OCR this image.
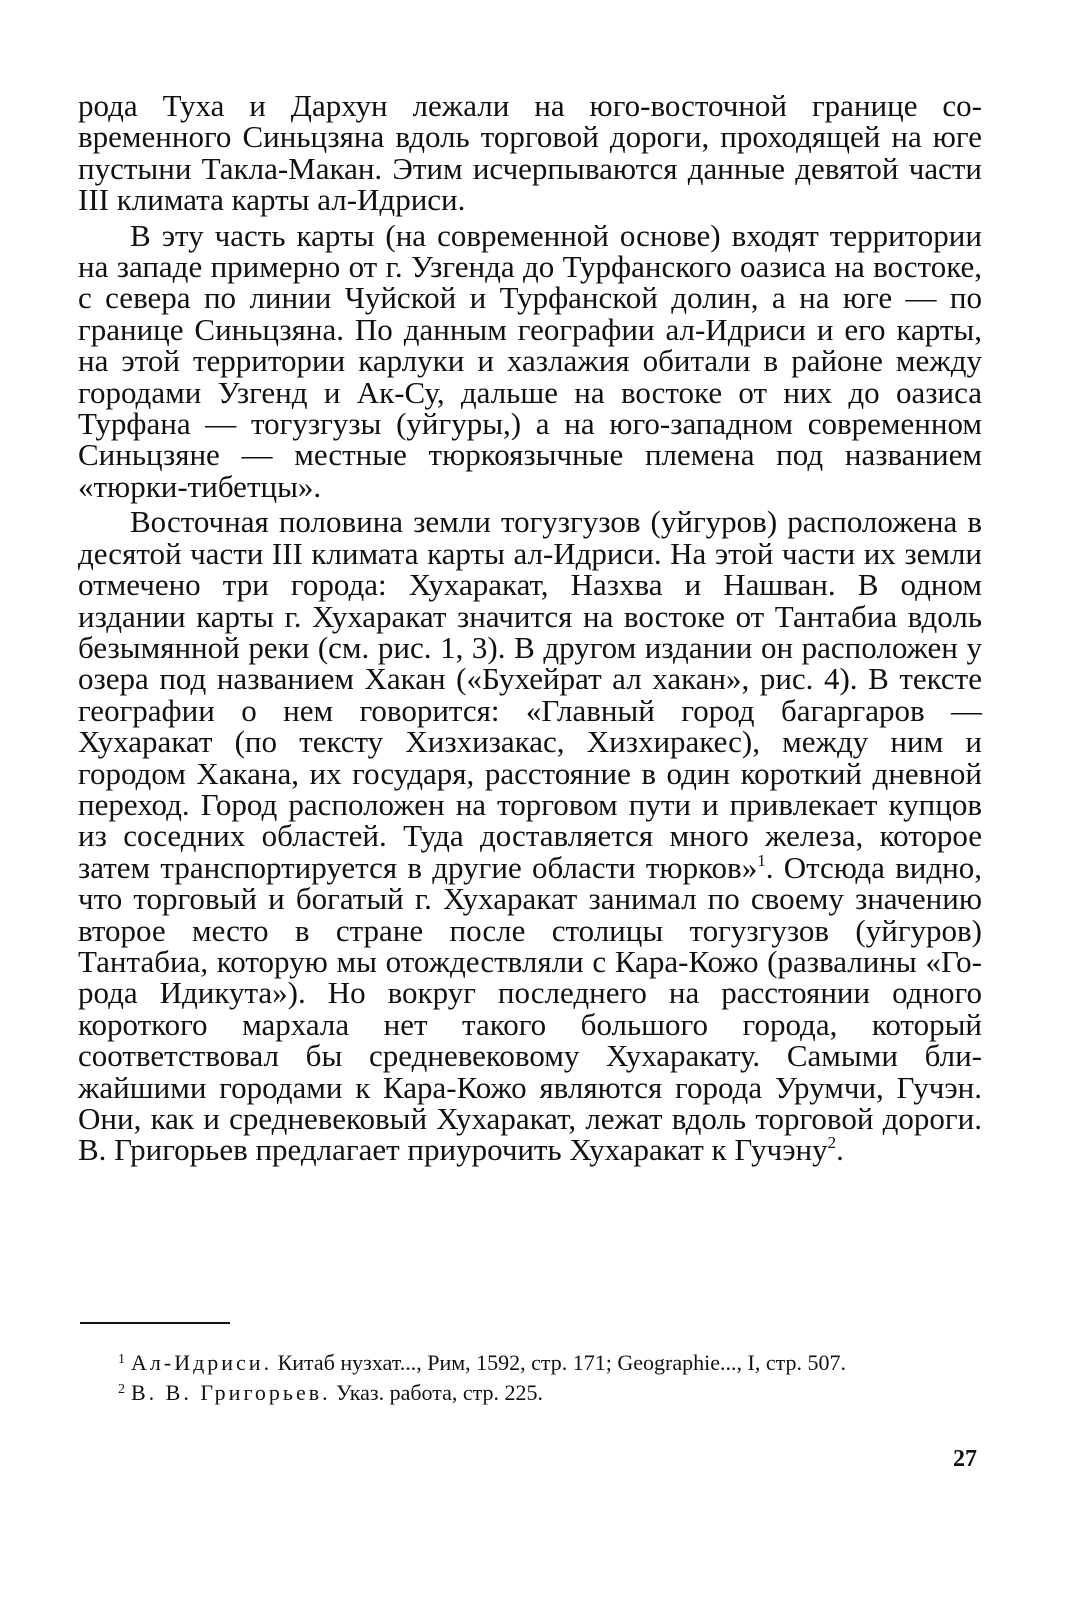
рода Туха и Дархун лежали на юго-восточной границе современного Синьцзяна вдоль торговой дороги, проходящей на юге пустыни Такла-Макан. Этим исчерпываются данные девятой части III климата карты ал-Идриси.

В эту часть карты (на современной основе) входят территории на западе примерно от г. Узгенда до Турфанского оазиса на востоке, с севера по линии Чуйской и Турфанской долин, а на юге — по границе Синьцзяна. По данным географии ал-Идриси и его карты, на этой территории карлуки и хазлажия обитали в районе между городами Узгенд и Ак-Су, дальше на востоке от них до оазиса Турфана — тогузгузы (уйгуры,) а на юго-западном современном Синьцзяне — местные тюркоязычные племена под названием «тюрки-тибетцы».

Восточная половина земли тогузгузов (уйгуров) расположена в десятой части III климата карты ал-Идриси. На этой части их земли отмечено три города: Хухаракат, Назхва и Нашван. В одном издании карты г. Хухаракат значится на востоке от Тантабиа вдоль безымянной реки (см. рис. 1, 3). В другом издании он расположен у озера под названием Хакан («Бухейрат ал хакан», рис. 4). В тексте географии о нем говорится: «Главный город багаргаров — Хухаракат (по тексту Хизхизакас, Хизхиракес), между ним и городом Хакана, их государя, расстояние в один короткий дневной переход. Город расположен на торговом пути и привлекает купцов из соседних областей. Туда доставляется много железа, которое затем транспортируется в другие области тюрков»$^1$. Отсюда видно, что торговый и богатый г. Хухаракат занимал по своему значению второе место в стране после столицы тогузгузов (уйгуров) Тантабиа, которую мы отождествляли с Кара-Кожо (развалины «Города Идикута»). Но вокруг последнего на расстоянии одного короткого мархала нет такого большого города, который соответствовал бы средневековому Хухаракату. Самыми ближайшими городами к Кара-Кожо являются города Урумчи, Гучэн. Они, как и средневековый Хухаракат, лежат вдоль торговой дороги. В. Григорьев предлагает приурочить Хухаракат к Гучэну$^2$.

$^1$ Ал-Идриси. Китаб нузхат..., Рим, 1592, стр. 171; Geographie..., I, стр. 507.

$^2$ В. В. Григорьев. Указ. работа, стр. 225.

27
